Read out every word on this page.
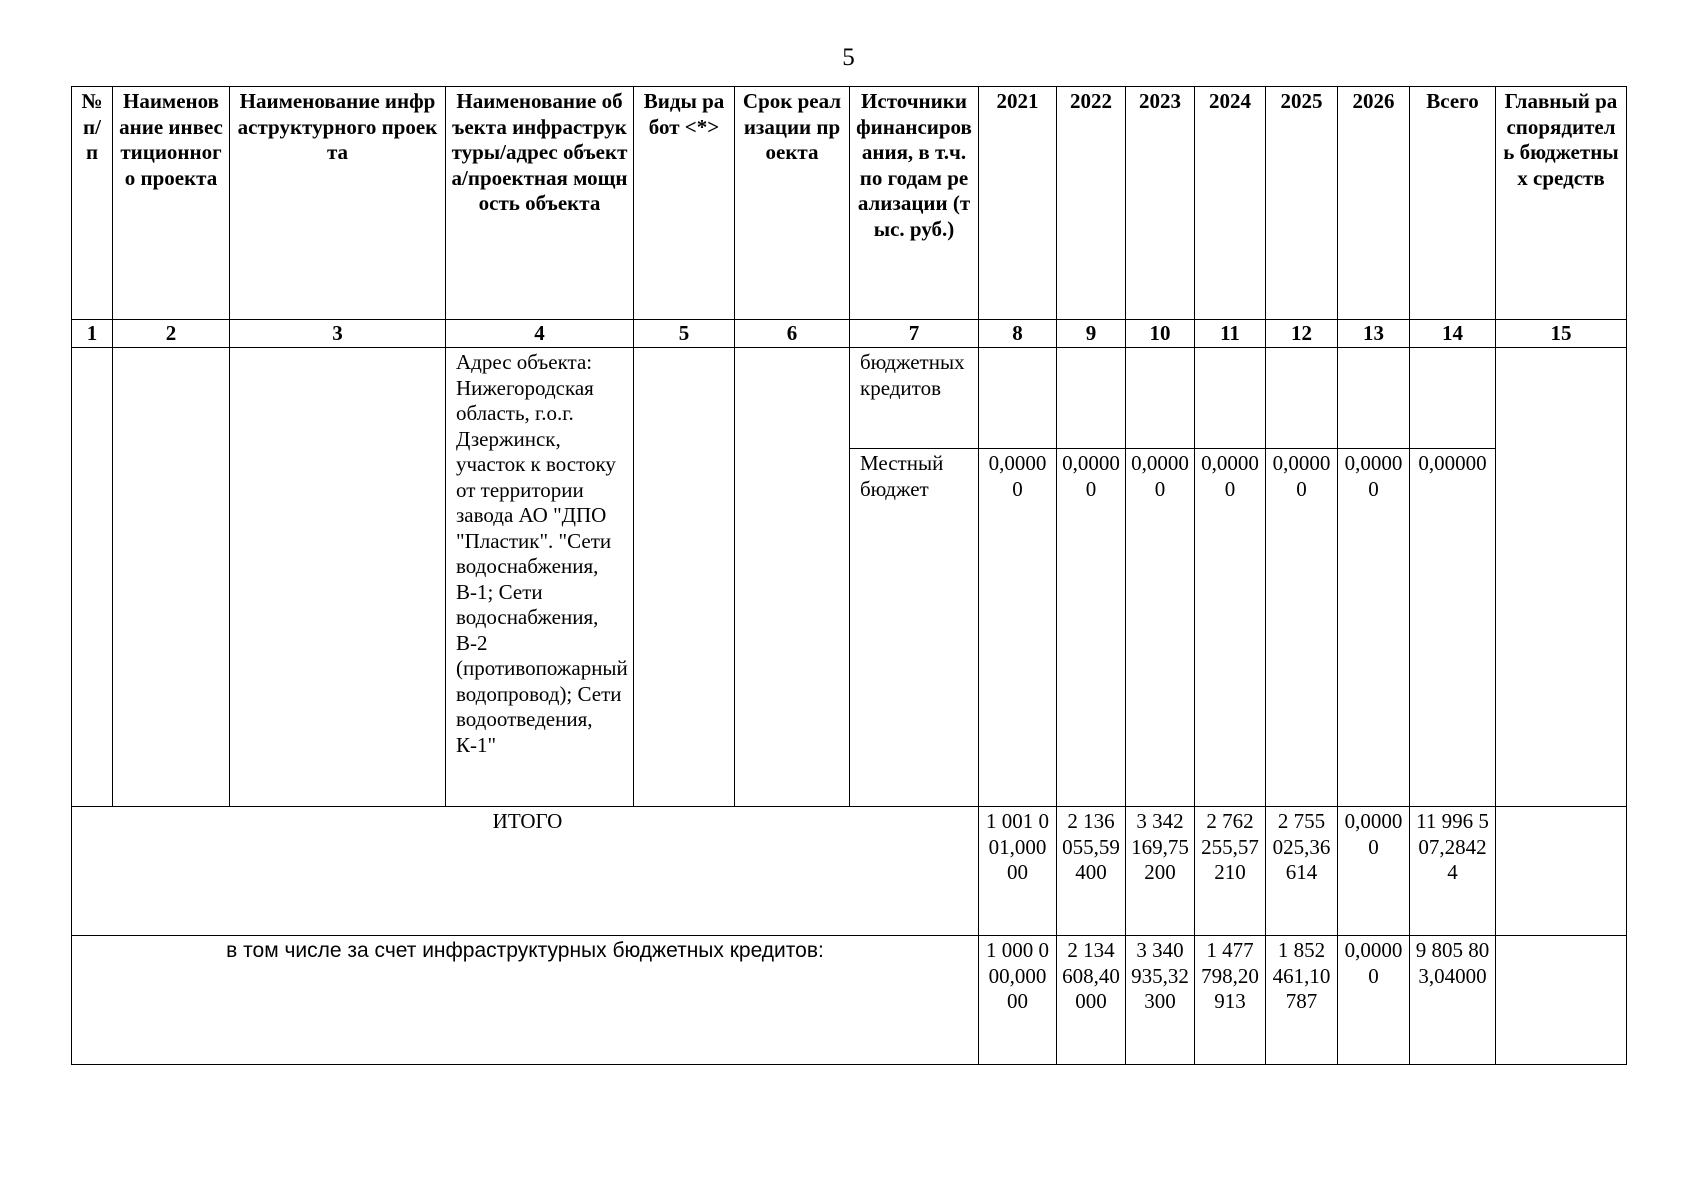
5
№ п/п	Наименование инвестиционного проекта	Наименование инфраструктурного проекта	Наименование объекта инфраструктуры/адрес объекта/проектная мощность объекта	Виды работ <*>	Срок реализации проекта	Источники финансирования, в т.ч. по годам реализации (тыс. руб.)	2021	2022	2023	2024	2025	2026	Всего	Главный распорядитель бюджетных средств
1	2	3	4	5	6	7	8	9	10	11	12	13	14	15
			Адрес объекта: Нижегородская область, г.о.г. Дзержинск, участок к востоку от территории завода АО "ДПО "Пластик". "Сети водоснабжения, В-1; Сети водоснабжения, В-2 (противопожарный водопровод); Сети водоотведения, К-1"			бюджетных кредитов								
						Местный бюджет	0,00000	0,00000	0,00000	0,00000	0,00000	0,00000	0,00000	
ИТОГО							1 001 001,00000	2 136 055,59400	3 342 169,75200	2 762 255,57210	2 755 025,36614	0,00000	11 996 507,28424	
в том числе за счет инфраструктурных бюджетных кредитов:							1 000 000,00000	2 134 608,40000	3 340 935,32300	1 477 798,20913	1 852 461,10787	0,00000	9 805 803,04000	
